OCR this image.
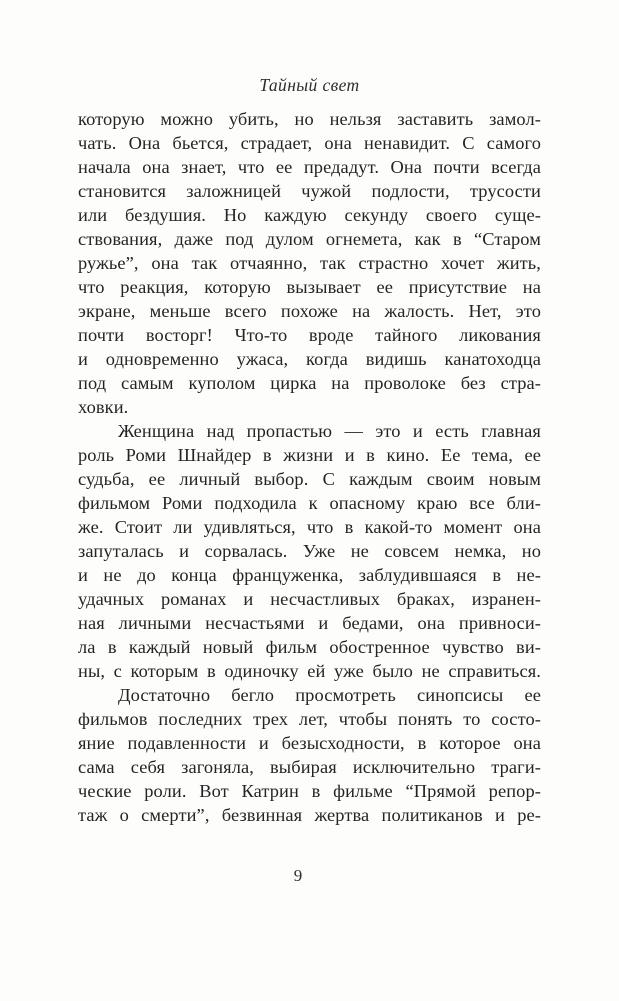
Тайный свет
которую можно убить, но нельзя заставить замол-
чать. Она бьется, страдает, она ненавидит. С самого
начала она знает, что ее предадут. Она почти всегда
становится заложницей чужой подлости, трусости
или бездушия. Но каждую секунду своего суще-
ствования, даже под дулом огнемета, как в “Старом
ружье”, она так отчаянно, так страстно хочет жить,
что реакция, которую вызывает ее присутствие на
экране, меньше всего похоже на жалость. Нет, это
почти восторг! Что-то вроде тайного ликования
и одновременно ужаса, когда видишь канатоходца
под самым куполом цирка на проволоке без стра-
ховки.
Женщина над пропастью — это и есть главная
роль Роми Шнайдер в жизни и в кино. Ее тема, ее
судьба, ее личный выбор. С каждым своим новым
фильмом Роми подходила к опасному краю все бли-
же. Стоит ли удивляться, что в какой-то момент она
запуталась и сорвалась. Уже не совсем немка, но
и не до конца француженка, заблудившаяся в не-
удачных романах и несчастливых браках, изранен-
ная личными несчастьями и бедами, она привноси-
ла в каждый новый фильм обостренное чувство ви-
ны, с которым в одиночку ей уже было не справиться.
Достаточно бегло просмотреть синопсисы ее
фильмов последних трех лет, чтобы понять то состо-
яние подавленности и безысходности, в которое она
сама себя загоняла, выбирая исключительно траги-
ческие роли. Вот Катрин в фильме “Прямой репор-
таж о смерти”, безвинная жертва политиканов и ре-
9
